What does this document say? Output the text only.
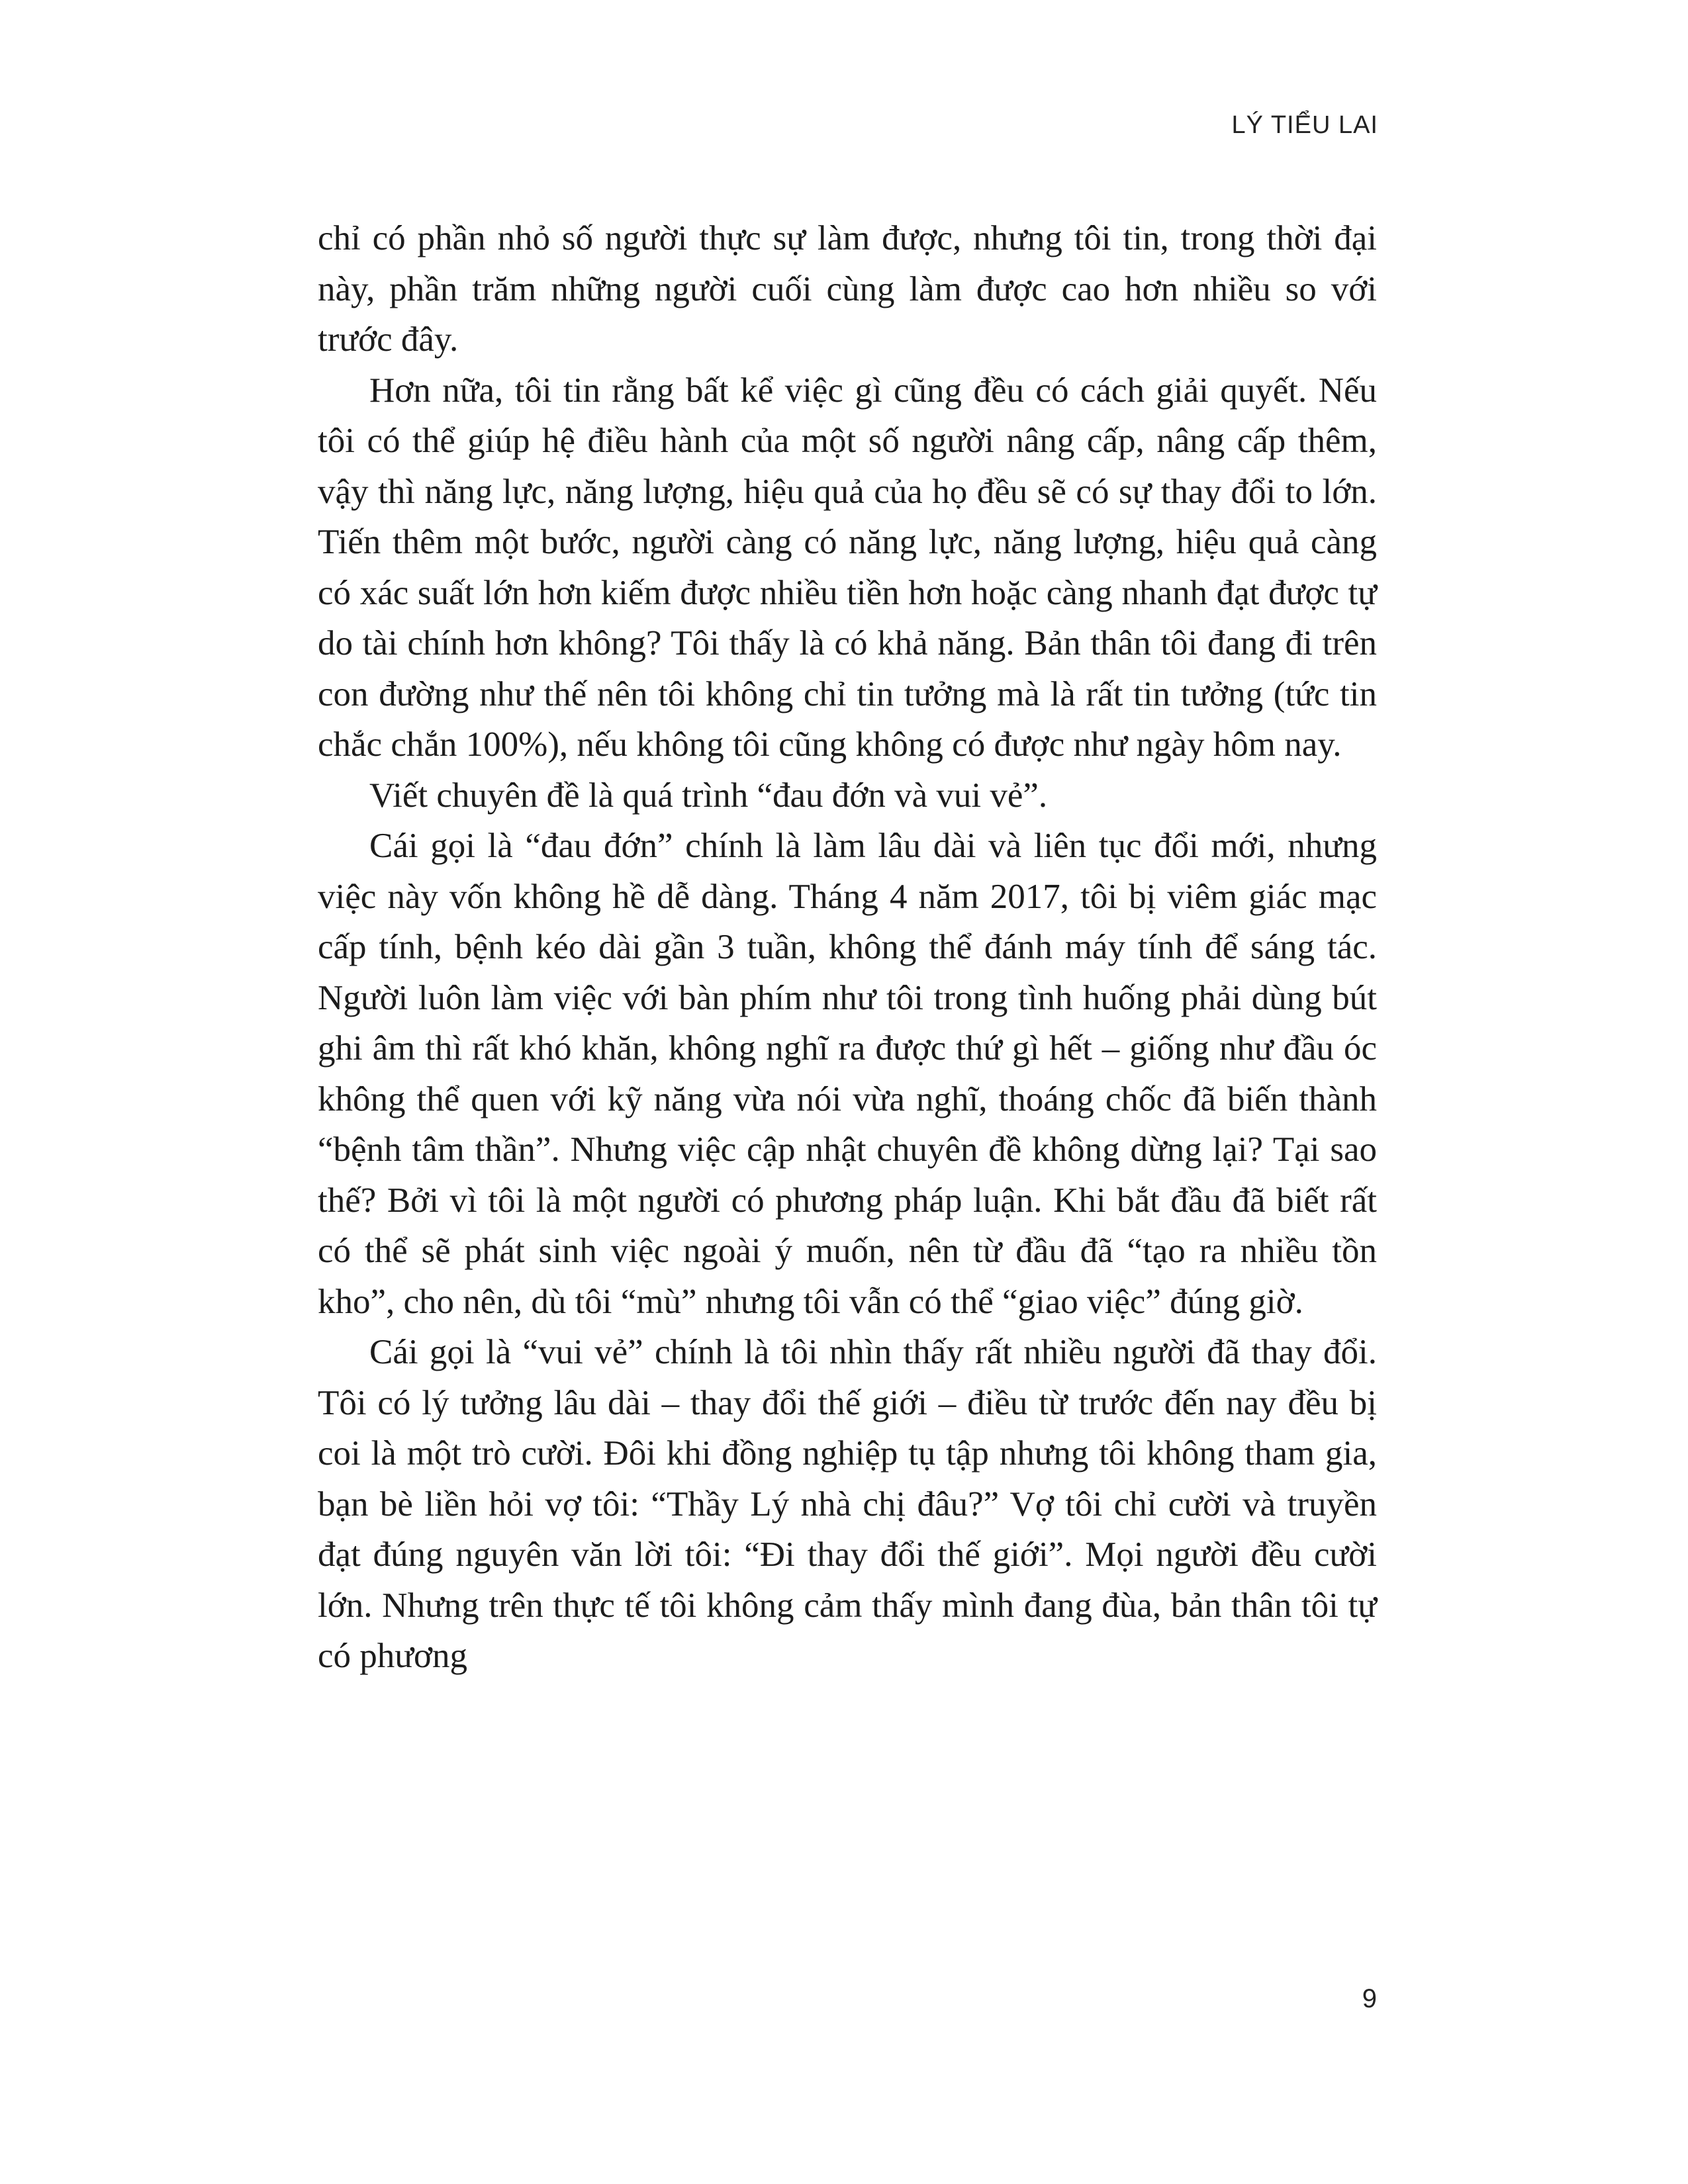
LÝ TIỂU LAI

chỉ có phần nhỏ số người thực sự làm được, nhưng tôi tin, trong thời đại này, phần trăm những người cuối cùng làm được cao hơn nhiều so với trước đây.

Hơn nữa, tôi tin rằng bất kể việc gì cũng đều có cách giải quyết. Nếu tôi có thể giúp hệ điều hành của một số người nâng cấp, nâng cấp thêm, vậy thì năng lực, năng lượng, hiệu quả của họ đều sẽ có sự thay đổi to lớn. Tiến thêm một bước, người càng có năng lực, năng lượng, hiệu quả càng có xác suất lớn hơn kiếm được nhiều tiền hơn hoặc càng nhanh đạt được tự do tài chính hơn không? Tôi thấy là có khả năng. Bản thân tôi đang đi trên con đường như thế nên tôi không chỉ tin tưởng mà là rất tin tưởng (tức tin chắc chắn 100%), nếu không tôi cũng không có được như ngày hôm nay.

Viết chuyên đề là quá trình “đau đớn và vui vẻ”.

Cái gọi là “đau đớn” chính là làm lâu dài và liên tục đổi mới, nhưng việc này vốn không hề dễ dàng. Tháng 4 năm 2017, tôi bị viêm giác mạc cấp tính, bệnh kéo dài gần 3 tuần, không thể đánh máy tính để sáng tác. Người luôn làm việc với bàn phím như tôi trong tình huống phải dùng bút ghi âm thì rất khó khăn, không nghĩ ra được thứ gì hết – giống như đầu óc không thể quen với kỹ năng vừa nói vừa nghĩ, thoáng chốc đã biến thành “bệnh tâm thần”. Nhưng việc cập nhật chuyên đề không dừng lại? Tại sao thế? Bởi vì tôi là một người có phương pháp luận. Khi bắt đầu đã biết rất có thể sẽ phát sinh việc ngoài ý muốn, nên từ đầu đã “tạo ra nhiều tồn kho”, cho nên, dù tôi “mù” nhưng tôi vẫn có thể “giao việc” đúng giờ.

Cái gọi là “vui vẻ” chính là tôi nhìn thấy rất nhiều người đã thay đổi. Tôi có lý tưởng lâu dài – thay đổi thế giới – điều từ trước đến nay đều bị coi là một trò cười. Đôi khi đồng nghiệp tụ tập nhưng tôi không tham gia, bạn bè liền hỏi vợ tôi: “Thầy Lý nhà chị đâu?” Vợ tôi chỉ cười và truyền đạt đúng nguyên văn lời tôi: “Đi thay đổi thế giới”. Mọi người đều cười lớn. Nhưng trên thực tế tôi không cảm thấy mình đang đùa, bản thân tôi tự có phương

9
